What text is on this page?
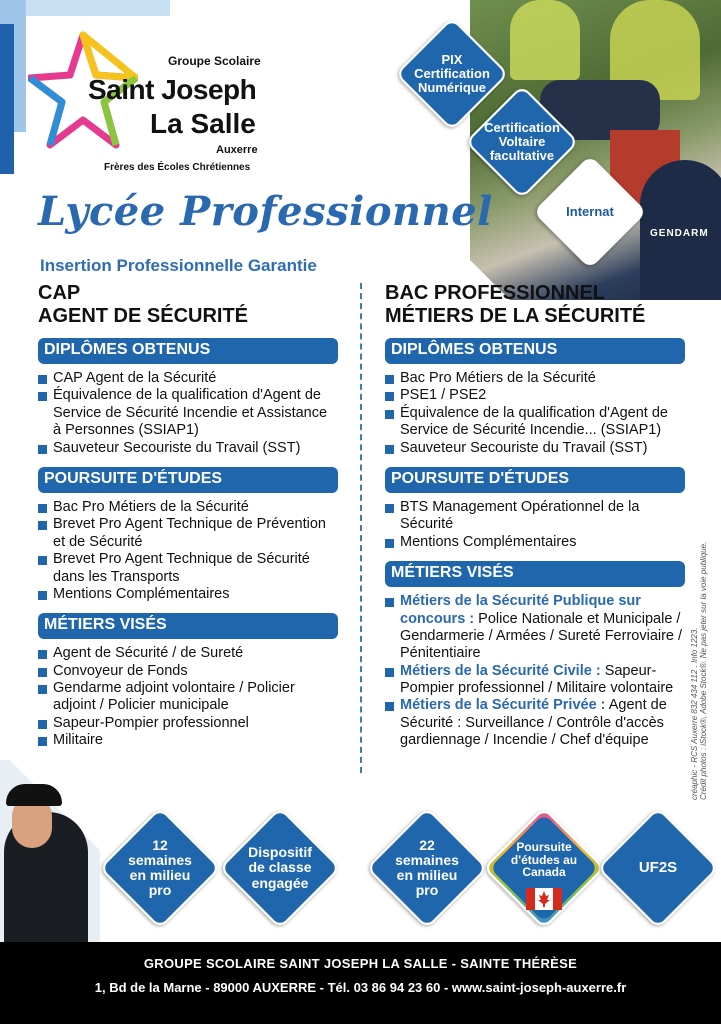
Groupe Scolaire
Saint Joseph
La Salle
Auxerre
Frères des Écoles Chrétiennes
GENDARM
PIX Certification Numérique
Certification Voltaire facultative
Internat
Lycée Professionnel
Insertion Professionnelle Garantie
CAP
AGENT DE SÉCURITÉ
DIPLÔMES OBTENUS
CAP Agent de la Sécurité
Équivalence de la qualification d'Agent de Service de Sécurité Incendie et Assistance à Personnes (SSIAP1)
Sauveteur Secouriste du Travail (SST)
POURSUITE D'ÉTUDES
Bac Pro Métiers de la Sécurité
Brevet Pro Agent Technique de Prévention et de Sécurité
Brevet Pro Agent Technique de Sécurité dans les Transports
Mentions Complémentaires
MÉTIERS VISÉS
Agent de Sécurité / de Sureté
Convoyeur de Fonds
Gendarme adjoint volontaire / Policier adjoint / Policier municipale
Sapeur-Pompier professionnel
Militaire
BAC PROFESSIONNEL
MÉTIERS DE LA SÉCURITÉ
DIPLÔMES OBTENUS
Bac Pro Métiers de la Sécurité
PSE1 / PSE2
Équivalence de la qualification d'Agent de Service de Sécurité Incendie... (SSIAP1)
Sauveteur Secouriste du Travail (SST)
POURSUITE D'ÉTUDES
BTS Management Opérationnel de la Sécurité
Mentions Complémentaires
MÉTIERS VISÉS
Métiers de la Sécurité Publique sur concours : Police Nationale et Municipale / Gendarmerie / Armées / Sureté Ferroviaire / Pénitentiaire
Métiers de la Sécurité Civile : Sapeur-Pompier professionnel / Militaire volontaire
Métiers de la Sécurité Privée : Agent de Sécurité : Surveillance / Contrôle d'accès gardiennage / Incendie / Chef d'équipe	créaphic - RCS Auxerre 832 434 112 . Info 1223. Crédit photos : iStock®, Adobe Stock®. Ne pas jeter sur la voie publique.
12 semaines en milieu pro
Dispositif de classe engagée
22 semaines en milieu pro
Poursuite d'études au Canada	UF2S
GROUPE SCOLAIRE SAINT JOSEPH LA SALLE - SAINTE THÉRÈSE
1, Bd de la Marne - 89000 AUXERRE - Tél. 03 86 94 23 60 - www.saint-joseph-auxerre.fr
